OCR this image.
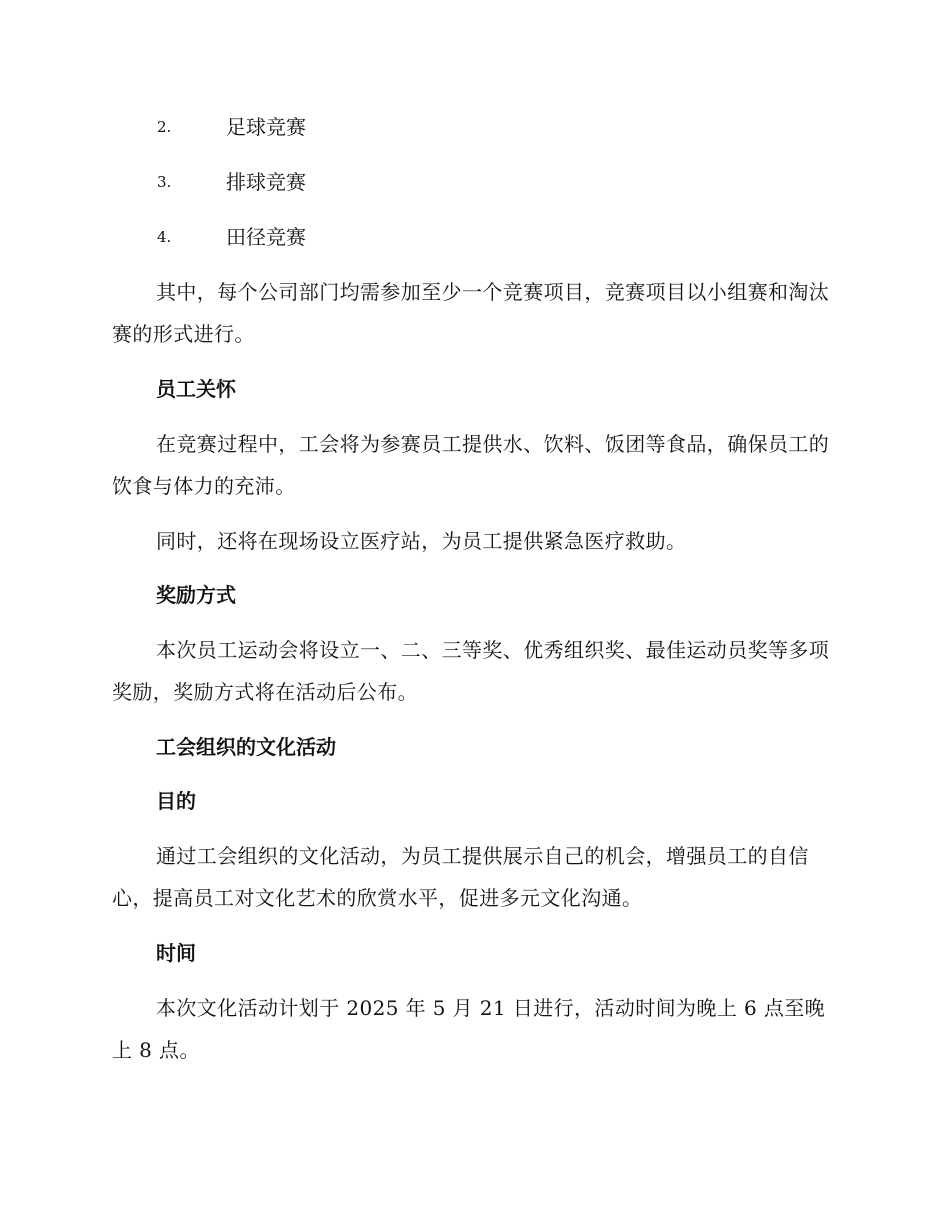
2.	足球竞赛
3.	排球竞赛
4.	田径竞赛

其中，每个公司部门均需参加至少一个竞赛项目，竞赛项目以小组赛和淘汰赛的形式进行。

员工关怀

在竞赛过程中，工会将为参赛员工提供水、饮料、饭团等食品，确保员工的饮食与体力的充沛。

同时，还将在现场设立医疗站，为员工提供紧急医疗救助。

奖励方式

本次员工运动会将设立一、二、三等奖、优秀组织奖、最佳运动员奖等多项奖励，奖励方式将在活动后公布。

工会组织的文化活动
目的

通过工会组织的文化活动，为员工提供展示自己的机会，增强员工的自信心，提高员工对文化艺术的欣赏水平，促进多元文化沟通。

时间

本次文化活动计划于 2025 年 5 月 21 日进行，活动时间为晚上 6 点至晚上 8 点。
